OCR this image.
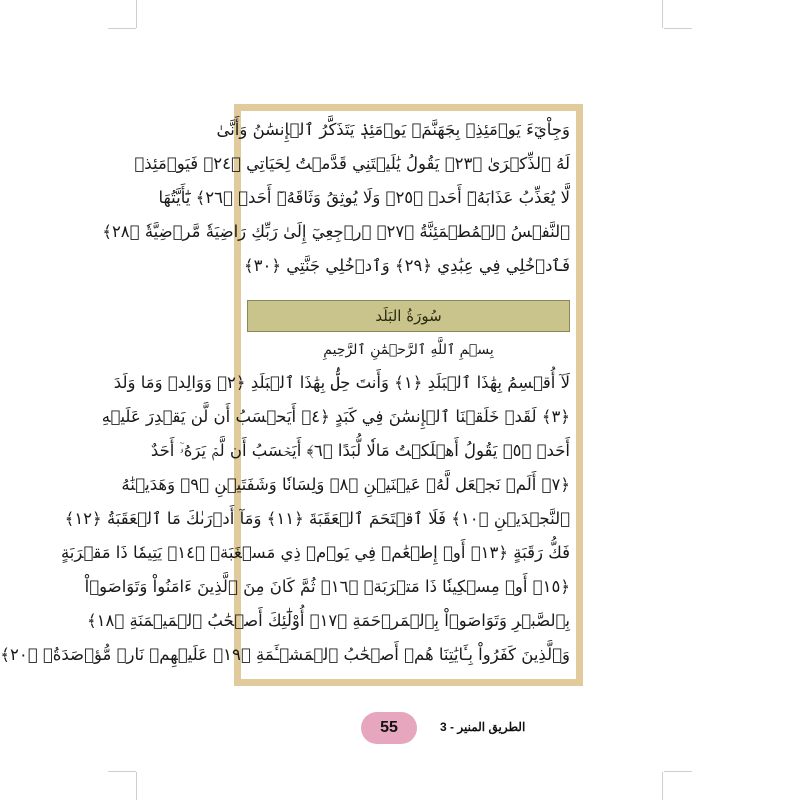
وَجِاْيٓءَ يَوۡمَئِذِۭ بِجَهَنَّمَۚ يَوۡمَئِذٖ يَتَذَكَّرُ ٱلۡإِنسَٰنُ وَأَنَّىٰ
لَهُ ٱلذِّكۡرَىٰ ﴿٢٣﴾ يَقُولُ يَٰلَيۡتَنِي قَدَّمۡتُ لِحَيَاتِي ﴿٢٤﴾ فَيَوۡمَئِذٖ
لَّا يُعَذِّبُ عَذَابَهُۥٓ أَحَدٞ ﴿٢٥﴾ وَلَا يُوثِقُ وَثَاقَهُۥٓ أَحَدٞ ﴿٢٦﴾ يَٰٓأَيَّتُهَا
ٱلنَّفۡسُ ٱلۡمُطۡمَئِنَّةُ ﴿٢٧﴾ ٱرۡجِعِيٓ إِلَىٰ رَبِّكِ رَاضِيَةٗ مَّرۡضِيَّةٗ ﴿٢٨﴾
فَٱدۡخُلِي فِي عِبَٰدِي ﴿٢٩﴾ وَٱدۡخُلِي جَنَّتِي ﴿٣٠﴾
سُورَةُ البَلَد
بِسۡمِ ٱللَّهِ ٱلرَّحۡمَٰنِ ٱلرَّحِيمِ
لَآ أُقۡسِمُ بِهَٰذَا ٱلۡبَلَدِ ﴿١﴾ وَأَنتَ حِلُّۢ بِهَٰذَا ٱلۡبَلَدِ ﴿٢﴾ وَوَالِدٖ وَمَا وَلَدَ
﴿٣﴾ لَقَدۡ خَلَقۡنَا ٱلۡإِنسَٰنَ فِي كَبَدٍ ﴿٤﴾ أَيَحۡسَبُ أَن لَّن يَقۡدِرَ عَلَيۡهِ
أَحَدٞ ﴿٥﴾ يَقُولُ أَهۡلَكۡتُ مَالٗا لُّبَدًا ﴿٦﴾ أَيَحۡسَبُ أَن لَّمۡ يَرَهُۥٓ أَحَدٌ
﴿٧﴾ أَلَمۡ نَجۡعَل لَّهُۥ عَيۡنَيۡنِ ﴿٨﴾ وَلِسَانٗا وَشَفَتَيۡنِ ﴿٩﴾ وَهَدَيۡنَٰهُ
ٱلنَّجۡدَيۡنِ ﴿١٠﴾ فَلَا ٱقۡتَحَمَ ٱلۡعَقَبَةَ ﴿١١﴾ وَمَآ أَدۡرَىٰكَ مَا ٱلۡعَقَبَةُ ﴿١٢﴾
فَكُّ رَقَبَةٍ ﴿١٣﴾ أَوۡ إِطۡعَٰمٞ فِي يَوۡمٖ ذِي مَسۡغَبَةٖ ﴿١٤﴾ يَتِيمٗا ذَا مَقۡرَبَةٍ
﴿١٥﴾ أَوۡ مِسۡكِينٗا ذَا مَتۡرَبَةٖ ﴿١٦﴾ ثُمَّ كَانَ مِنَ ٱلَّذِينَ ءَامَنُواْ وَتَوَاصَوۡاْ
بِٱلصَّبۡرِ وَتَوَاصَوۡاْ بِٱلۡمَرۡحَمَةِ ﴿١٧﴾ أُوْلَٰٓئِكَ أَصۡحَٰبُ ٱلۡمَيۡمَنَةِ ﴿١٨﴾
وَٱلَّذِينَ كَفَرُواْ بِـَٔايَٰتِنَا هُمۡ أَصۡحَٰبُ ٱلۡمَشۡـَٔمَةِ ﴿١٩﴾ عَلَيۡهِمۡ نَارٞ مُّؤۡصَدَةُۢ ﴿٢٠﴾
55	الطريق المنير - 3
